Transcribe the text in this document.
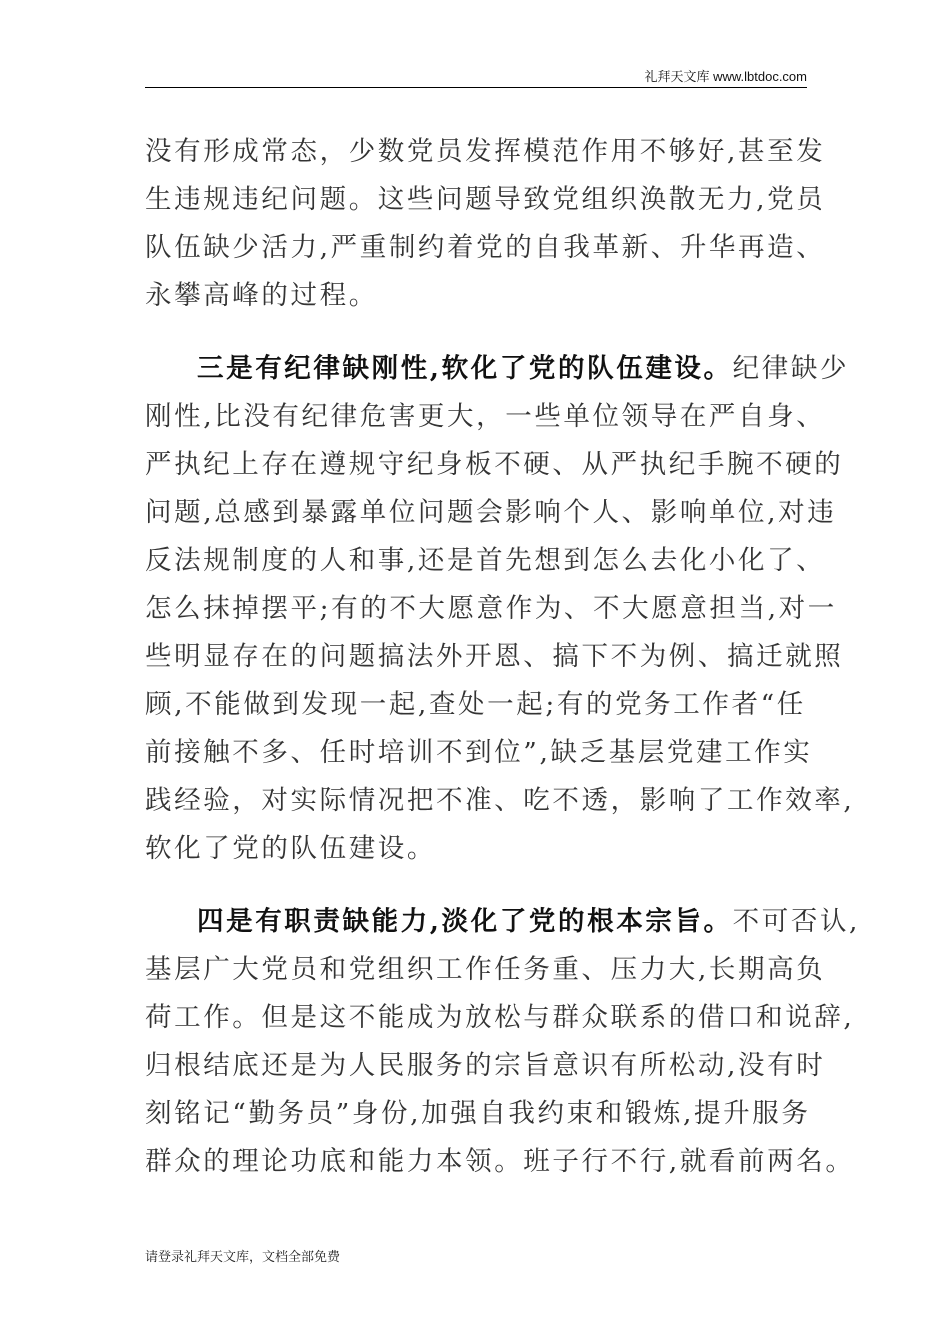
礼拜天文库 www.lbtdoc.com
没有形成常态，少数党员发挥模范作用不够好,甚至发
生违规违纪问题。这些问题导致党组织涣散无力,党员
队伍缺少活力,严重制约着党的自我革新、升华再造、
永攀高峰的过程。
三是有纪律缺刚性,软化了党的队伍建设。纪律缺少
刚性,比没有纪律危害更大，一些单位领导在严自身、
严执纪上存在遵规守纪身板不硬、从严执纪手腕不硬的
问题,总感到暴露单位问题会影响个人、影响单位,对违
反法规制度的人和事,还是首先想到怎么去化小化了、
怎么抹掉摆平;有的不大愿意作为、不大愿意担当,对一
些明显存在的问题搞法外开恩、搞下不为例、搞迁就照
顾,不能做到发现一起,查处一起;有的党务工作者“任
前接触不多、任时培训不到位”,缺乏基层党建工作实
践经验，对实际情况把不准、吃不透，影响了工作效率,
软化了党的队伍建设。
四是有职责缺能力,淡化了党的根本宗旨。不可否认,
基层广大党员和党组织工作任务重、压力大,长期高负
荷工作。但是这不能成为放松与群众联系的借口和说辞,
归根结底还是为人民服务的宗旨意识有所松动,没有时
刻铭记“勤务员”身份,加强自我约束和锻炼,提升服务
群众的理论功底和能力本领。班子行不行,就看前两名。
请登录礼拜天文库，文档全部免费
